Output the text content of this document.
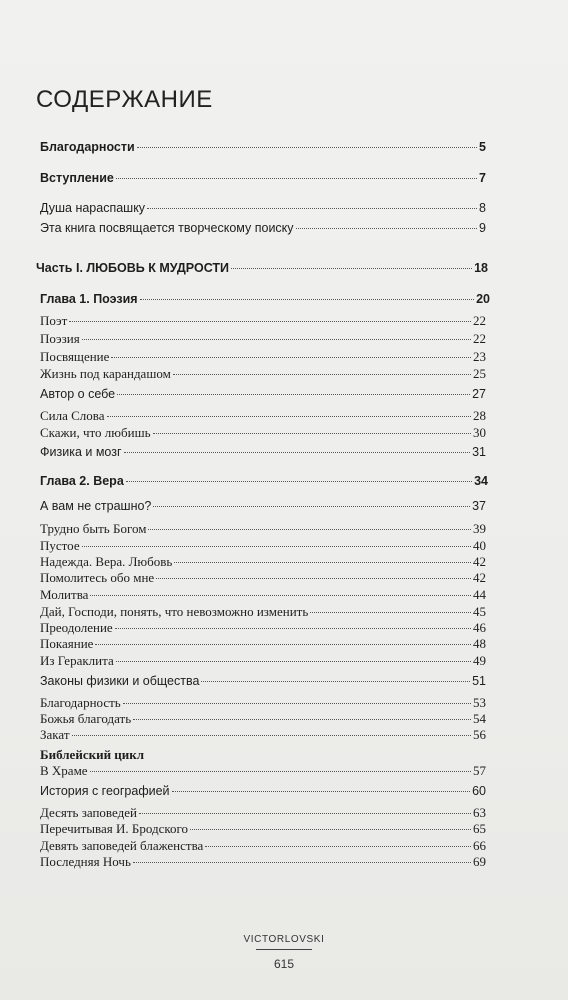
СОДЕРЖАНИЕ
Благодарности	5
Вступление	7
Душа нараспашку	8
Эта книга посвящается творческому поиску	9
Часть I. ЛЮБОВЬ К МУДРОСТИ	18
Глава 1. Поэзия	20
Поэт	22
Поэзия	22
Посвящение	23
Жизнь под карандашом	25
Автор о себе	27
Сила Слова	28
Скажи, что любишь	30
Физика и мозг	31
Глава 2. Вера	34
А вам не страшно?	37
Трудно быть Богом	39
Пустое	40
Надежда. Вера. Любовь	42
Помолитесь обо мне	42
Молитва	44
Дай, Господи, понять, что невозможно изменить	45
Преодоление	46
Покаяние	48
Из Гераклита	49
Законы физики и общества	51
Благодарность	53
Божья благодать	54
Закат	56
Библейский цикл
В Храме	57
История с географией	60
Десять заповедей	63
Перечитывая И. Бродского	65
Девять заповедей блаженства	66
Последняя Ночь	69
VICTORLOVSKI
615
